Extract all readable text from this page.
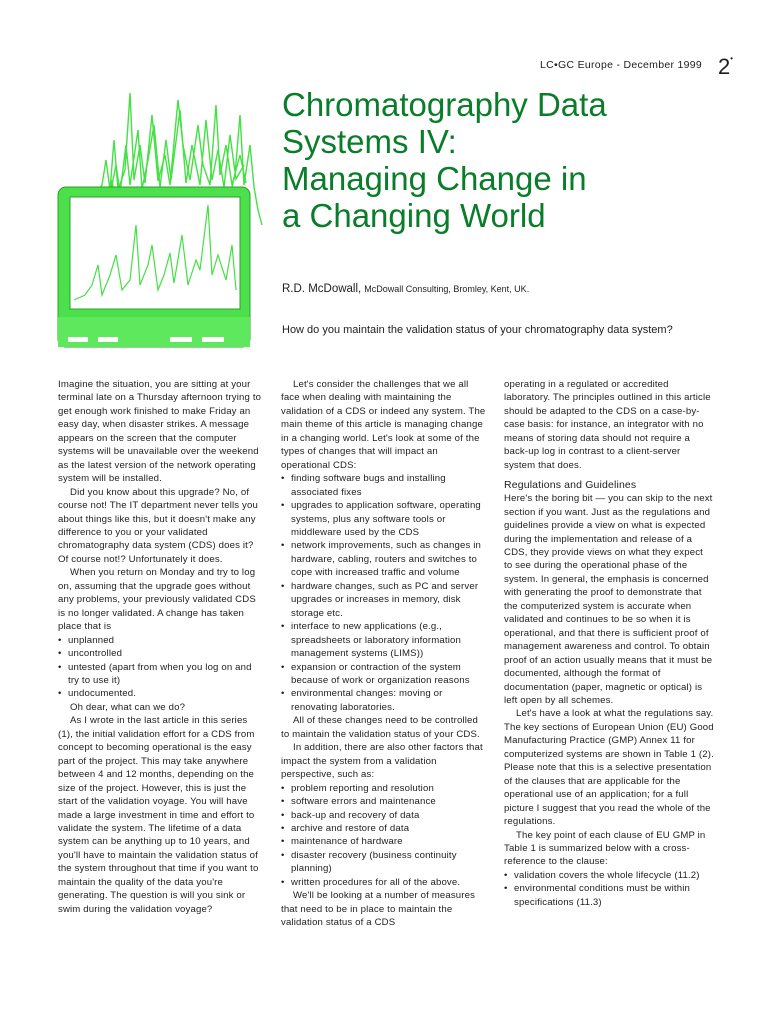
LC•GC Europe - December 1999 2•
Chromatography Data
Systems IV:
Managing Change in
a Changing World
R.D. McDowall, McDowall Consulting, Bromley, Kent, UK.
How do you maintain the validation status of your chromatography data system?

Imagine the situation, you are sitting at your terminal late on a Thursday afternoon trying to get enough work finished to make Friday an easy day, when disaster strikes. A message appears on the screen that the computer systems will be unavailable over the weekend as the latest version of the network operating system will be installed.

Did you know about this upgrade? No, of course not! The IT department never tells you about things like this, but it doesn't make any difference to you or your validated chromatography data system (CDS) does it? Of course not!? Unfortunately it does.

When you return on Monday and try to log on, assuming that the upgrade goes without any problems, your previously validated CDS is no longer validated. A change has taken place that is

• unplanned
• uncontrolled
• untested (apart from when you log on and try to use it)
• undocumented.

Oh dear, what can we do?

As I wrote in the last article in this series (1), the initial validation effort for a CDS from concept to becoming operational is the easy part of the project. This may take anywhere between 4 and 12 months, depending on the size of the project. However, this is just the start of the validation voyage. You will have made a large investment in time and effort to validate the system. The lifetime of a data system can be anything up to 10 years, and you'll have to maintain the validation status of the system throughout that time if you want to maintain the quality of the data you're generating. The question is will you sink or swim during the validation voyage?

Let's consider the challenges that we all face when dealing with maintaining the validation of a CDS or indeed any system. The main theme of this article is managing change in a changing world. Let's look at some of the types of changes that will impact an operational CDS:

• finding software bugs and installing associated fixes
• upgrades to application software, operating systems, plus any software tools or middleware used by the CDS
• network improvements, such as changes in hardware, cabling, routers and switches to cope with increased traffic and volume
• hardware changes, such as PC and server upgrades or increases in memory, disk storage etc.
• interface to new applications (e.g., spreadsheets or laboratory information management systems (LIMS))
• expansion or contraction of the system because of work or organization reasons
• environmental changes: moving or renovating laboratories.

All of these changes need to be controlled to maintain the validation status of your CDS.

In addition, there are also other factors that impact the system from a validation perspective, such as:

• problem reporting and resolution
• software errors and maintenance
• back-up and recovery of data
• archive and restore of data
• maintenance of hardware
• disaster recovery (business continuity planning)
• written procedures for all of the above.

We'll be looking at a number of measures that need to be in place to maintain the validation status of a CDS

operating in a regulated or accredited laboratory. The principles outlined in this article should be adapted to the CDS on a case-by-case basis: for instance, an integrator with no means of storing data should not require a back-up log in contrast to a client-server system that does.

Regulations and Guidelines

Here's the boring bit — you can skip to the next section if you want. Just as the regulations and guidelines provide a view on what is expected during the implementation and release of a CDS, they provide views on what they expect to see during the operational phase of the system. In general, the emphasis is concerned with generating the proof to demonstrate that the computerized system is accurate when validated and continues to be so when it is operational, and that there is sufficient proof of management awareness and control. To obtain proof of an action usually means that it must be documented, although the format of documentation (paper, magnetic or optical) is left open by all schemes.

Let's have a look at what the regulations say. The key sections of European Union (EU) Good Manufacturing Practice (GMP) Annex 11 for computerized systems are shown in Table 1 (2). Please note that this is a selective presentation of the clauses that are applicable for the operational use of an application; for a full picture I suggest that you read the whole of the regulations.

The key point of each clause of EU GMP in Table 1 is summarized below with a cross-reference to the clause:

• validation covers the whole lifecycle (11.2)
• environmental conditions must be within specifications (11.3)
